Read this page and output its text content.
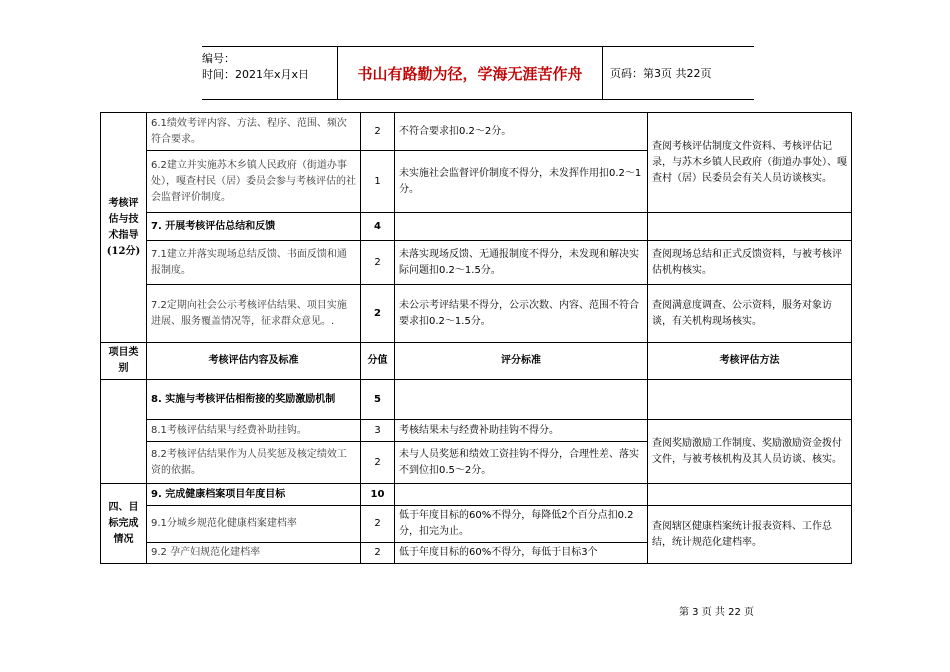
编号：
时间：2021年x月x日	书山有路勤为径，学海无涯苦作舟	页码：第3页 共22页
考核评估与技术指导(12分)	6.1绩效考评内容、方法、程序、范围、频次符合要求。	2	不符合要求扣0.2～2分。	查阅考核评估制度文件资料、考核评估记录，与苏木乡镇人民政府（街道办事处）、嘎查村（居）民委员会有关人员访谈核实。
	6.2建立并实施苏木乡镇人民政府（街道办事处），嘎查村民（居）委员会参与考核评估的社会监督评价制度。	1	未实施社会监督评价制度不得分，未发挥作用扣0.2～1分。	
	7. 开展考核评估总结和反馈	4		
	7.1建立并落实现场总结反馈、书面反馈和通报制度。	2	未落实现场反馈、无通报制度不得分，未发现和解决实际问题扣0.2～1.5分。	查阅现场总结和正式反馈资料，与被考核评估机构核实。
	7.2定期向社会公示考核评估结果、项目实施进展、服务覆盖情况等，征求群众意见。.	2	未公示考评结果不得分，公示次数、内容、范围不符合要求扣0.2～1.5分。	查阅满意度调查、公示资料，服务对象访谈，有关机构现场核实。
项目类别	考核评估内容及标准	分值	评分标准	考核评估方法
	8. 实施与考核评估相衔接的奖励激励机制	5		
	8.1考核评估结果与经费补助挂钩。	3	考核结果未与经费补助挂钩不得分。	查阅奖励激励工作制度、奖励激励资金拨付文件，与被考核机构及其人员访谈、核实。
	8.2考核评估结果作为人员奖惩及核定绩效工资的依据。	2	未与人员奖惩和绩效工资挂钩不得分，合理性差、落实不到位扣0.5～2分。	
四、目标完成情况	9. 完成健康档案项目年度目标	10		
	9.1分城乡规范化健康档案建档率	2	低于年度目标的60%不得分，每降低2个百分点扣0.2分，扣完为止。	查阅辖区健康档案统计报表资料、工作总结，统计规范化建档率。
	9.2 孕产妇规范化建档率	2	低于年度目标的60%不得分，每低于目标3个	
第 3 页 共 22 页
